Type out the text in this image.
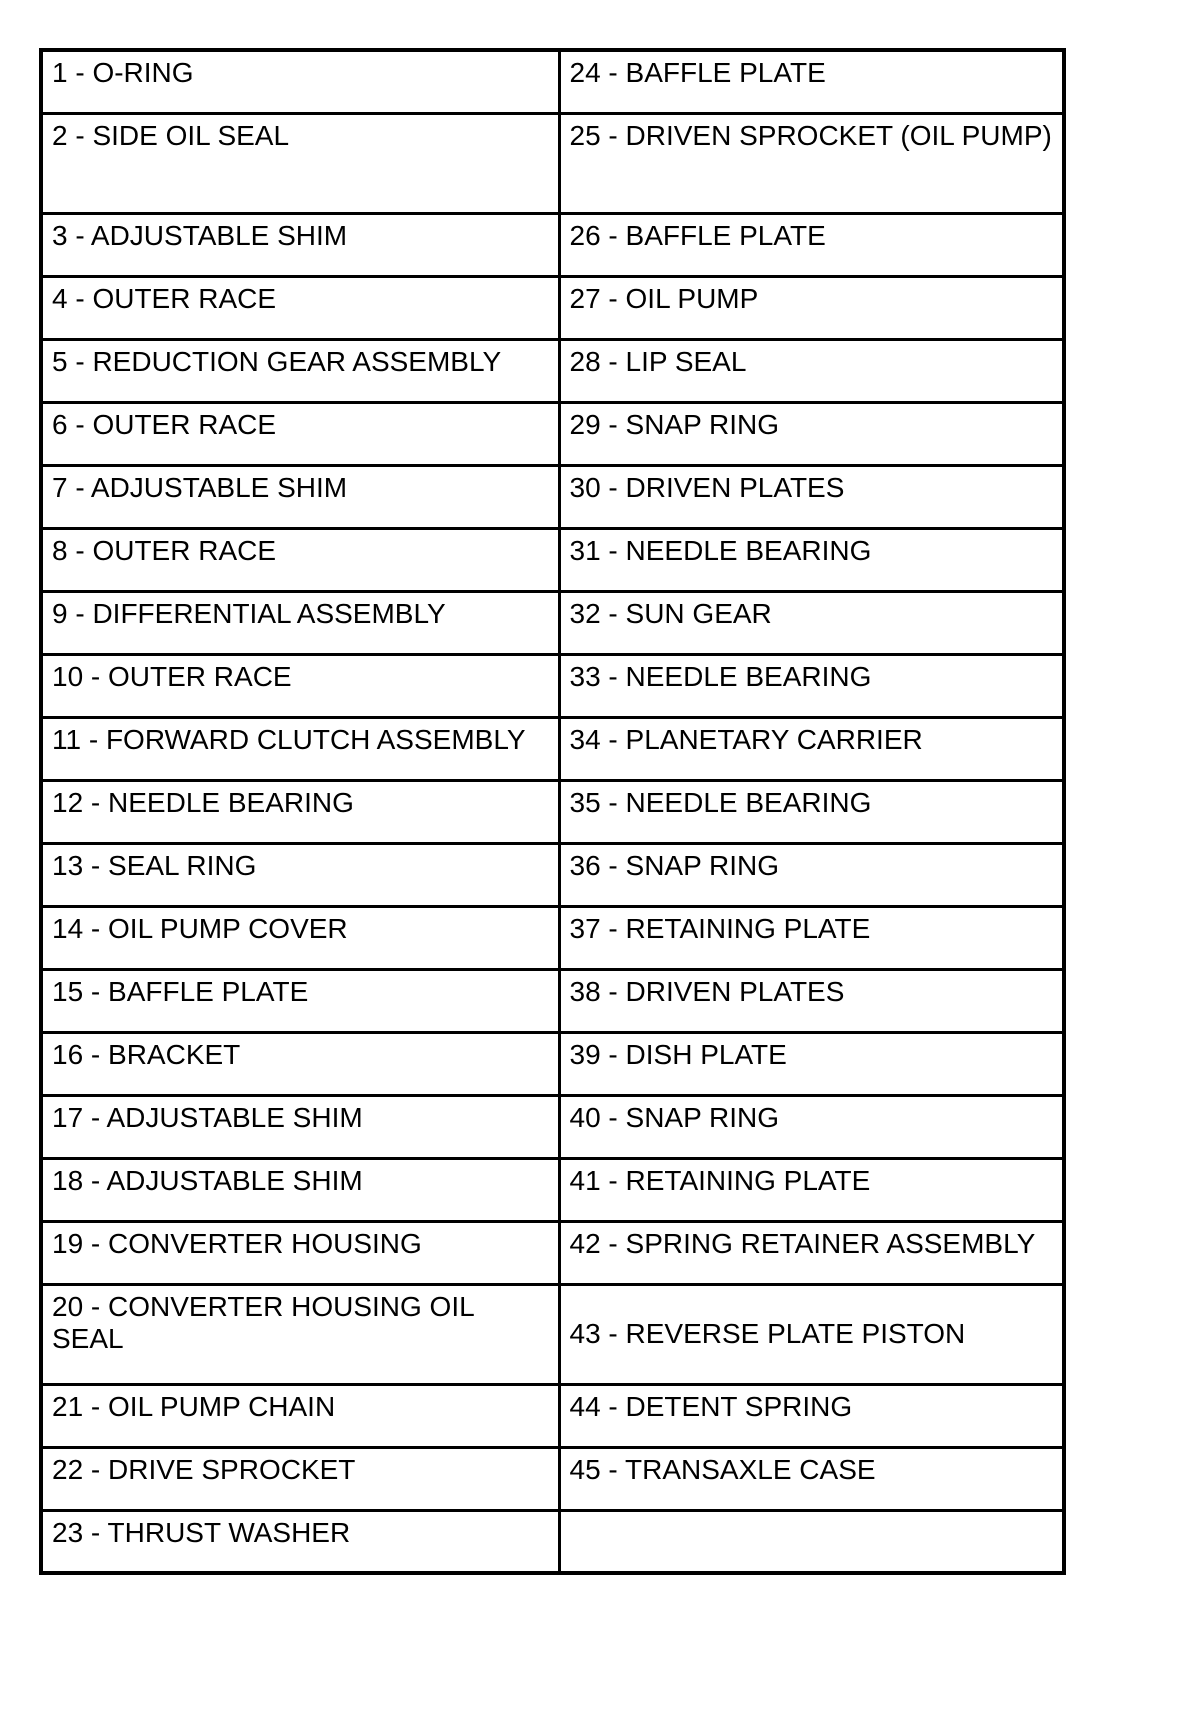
1 - O-RING	24 - BAFFLE PLATE
2 - SIDE OIL SEAL	25 - DRIVEN SPROCKET (OIL PUMP)
3 - ADJUSTABLE SHIM	26 - BAFFLE PLATE
4 - OUTER RACE	27 - OIL PUMP
5 - REDUCTION GEAR ASSEMBLY	28 - LIP SEAL
6 - OUTER RACE	29 - SNAP RING
7 - ADJUSTABLE SHIM	30 - DRIVEN PLATES
8 - OUTER RACE	31 - NEEDLE BEARING
9 - DIFFERENTIAL ASSEMBLY	32 - SUN GEAR
10 - OUTER RACE	33 - NEEDLE BEARING
11 - FORWARD CLUTCH ASSEMBLY	34 - PLANETARY CARRIER
12 - NEEDLE BEARING	35 - NEEDLE BEARING
13 - SEAL RING	36 - SNAP RING
14 - OIL PUMP COVER	37 - RETAINING PLATE
15 - BAFFLE PLATE	38 - DRIVEN PLATES
16 - BRACKET	39 - DISH PLATE
17 - ADJUSTABLE SHIM	40 - SNAP RING
18 - ADJUSTABLE SHIM	41 - RETAINING PLATE
19 - CONVERTER HOUSING	42 - SPRING RETAINER ASSEMBLY
20 - CONVERTER HOUSING OIL SEAL	43 - REVERSE PLATE PISTON
21 - OIL PUMP CHAIN	44 - DETENT SPRING
22 - DRIVE SPROCKET	45 - TRANSAXLE CASE
23 - THRUST WASHER	
